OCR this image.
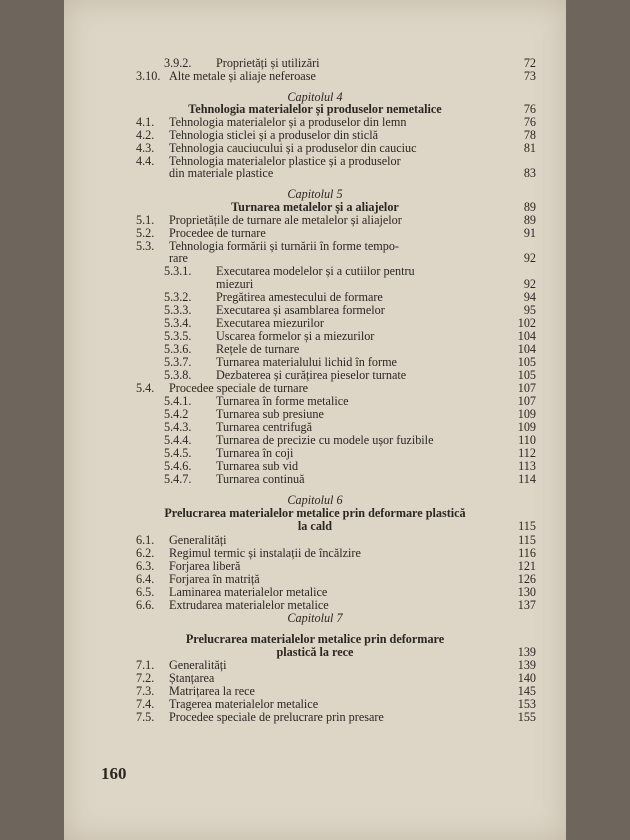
3.9.2. Proprietăți și utilizări	72
3.10. Alte metale și aliaje neferoase	73
Capitolul 4
Tehnologia materialelor și produselor nemetalice	76
4.1. Tehnologia materialelor și a produselor din lemn	76
4.2. Tehnologia sticlei și a produselor din sticlă	78
4.3. Tehnologia cauciucului și a produselor din cauciuc	81
4.4. Tehnologia materialelor plastice și a produselor
din materiale plastice	83
Capitolul 5
Turnarea metalelor și a aliajelor	89
5.1. Proprietățile de turnare ale metalelor și aliajelor	89
5.2. Procedee de turnare	91
5.3. Tehnologia formării și turnării în forme tempo-
rare	92
5.3.1. Executarea modelelor și a cutiilor pentru
miezuri	92
5.3.2. Pregătirea amestecului de formare	94
5.3.3. Executarea și asamblarea formelor	95
5.3.4. Executarea miezurilor	102
5.3.5. Uscarea formelor și a miezurilor	104
5.3.6. Rețele de turnare	104
5.3.7. Turnarea materialului lichid în forme	105
5.3.8. Dezbaterea și curățirea pieselor turnate	105
5.4. Procedee speciale de turnare	107
5.4.1. Turnarea în forme metalice	107
5.4.2 Turnarea sub presiune	109
5.4.3. Turnarea centrifugă	109
5.4.4. Turnarea de precizie cu modele ușor fuzibile	110
5.4.5. Turnarea în coji	112
5.4.6. Turnarea sub vid	113
5.4.7. Turnarea continuă	114
Capitolul 6
Prelucrarea materialelor metalice prin deformare plastică
la cald	115
6.1. Generalități	115
6.2. Regimul termic și instalații de încălzire	116
6.3. Forjarea liberă	121
6.4. Forjarea în matriță	126
6.5. Laminarea materialelor metalice	130
6.6. Extrudarea materialelor metalice	137
Capitolul 7
Prelucrarea materialelor metalice prin deformare
plastică la rece	139
7.1. Generalități	139
7.2. Ștanțarea	140
7.3. Matrițarea la rece	145
7.4. Tragerea materialelor metalice	153
7.5. Procedee speciale de prelucrare prin presare	155
160
